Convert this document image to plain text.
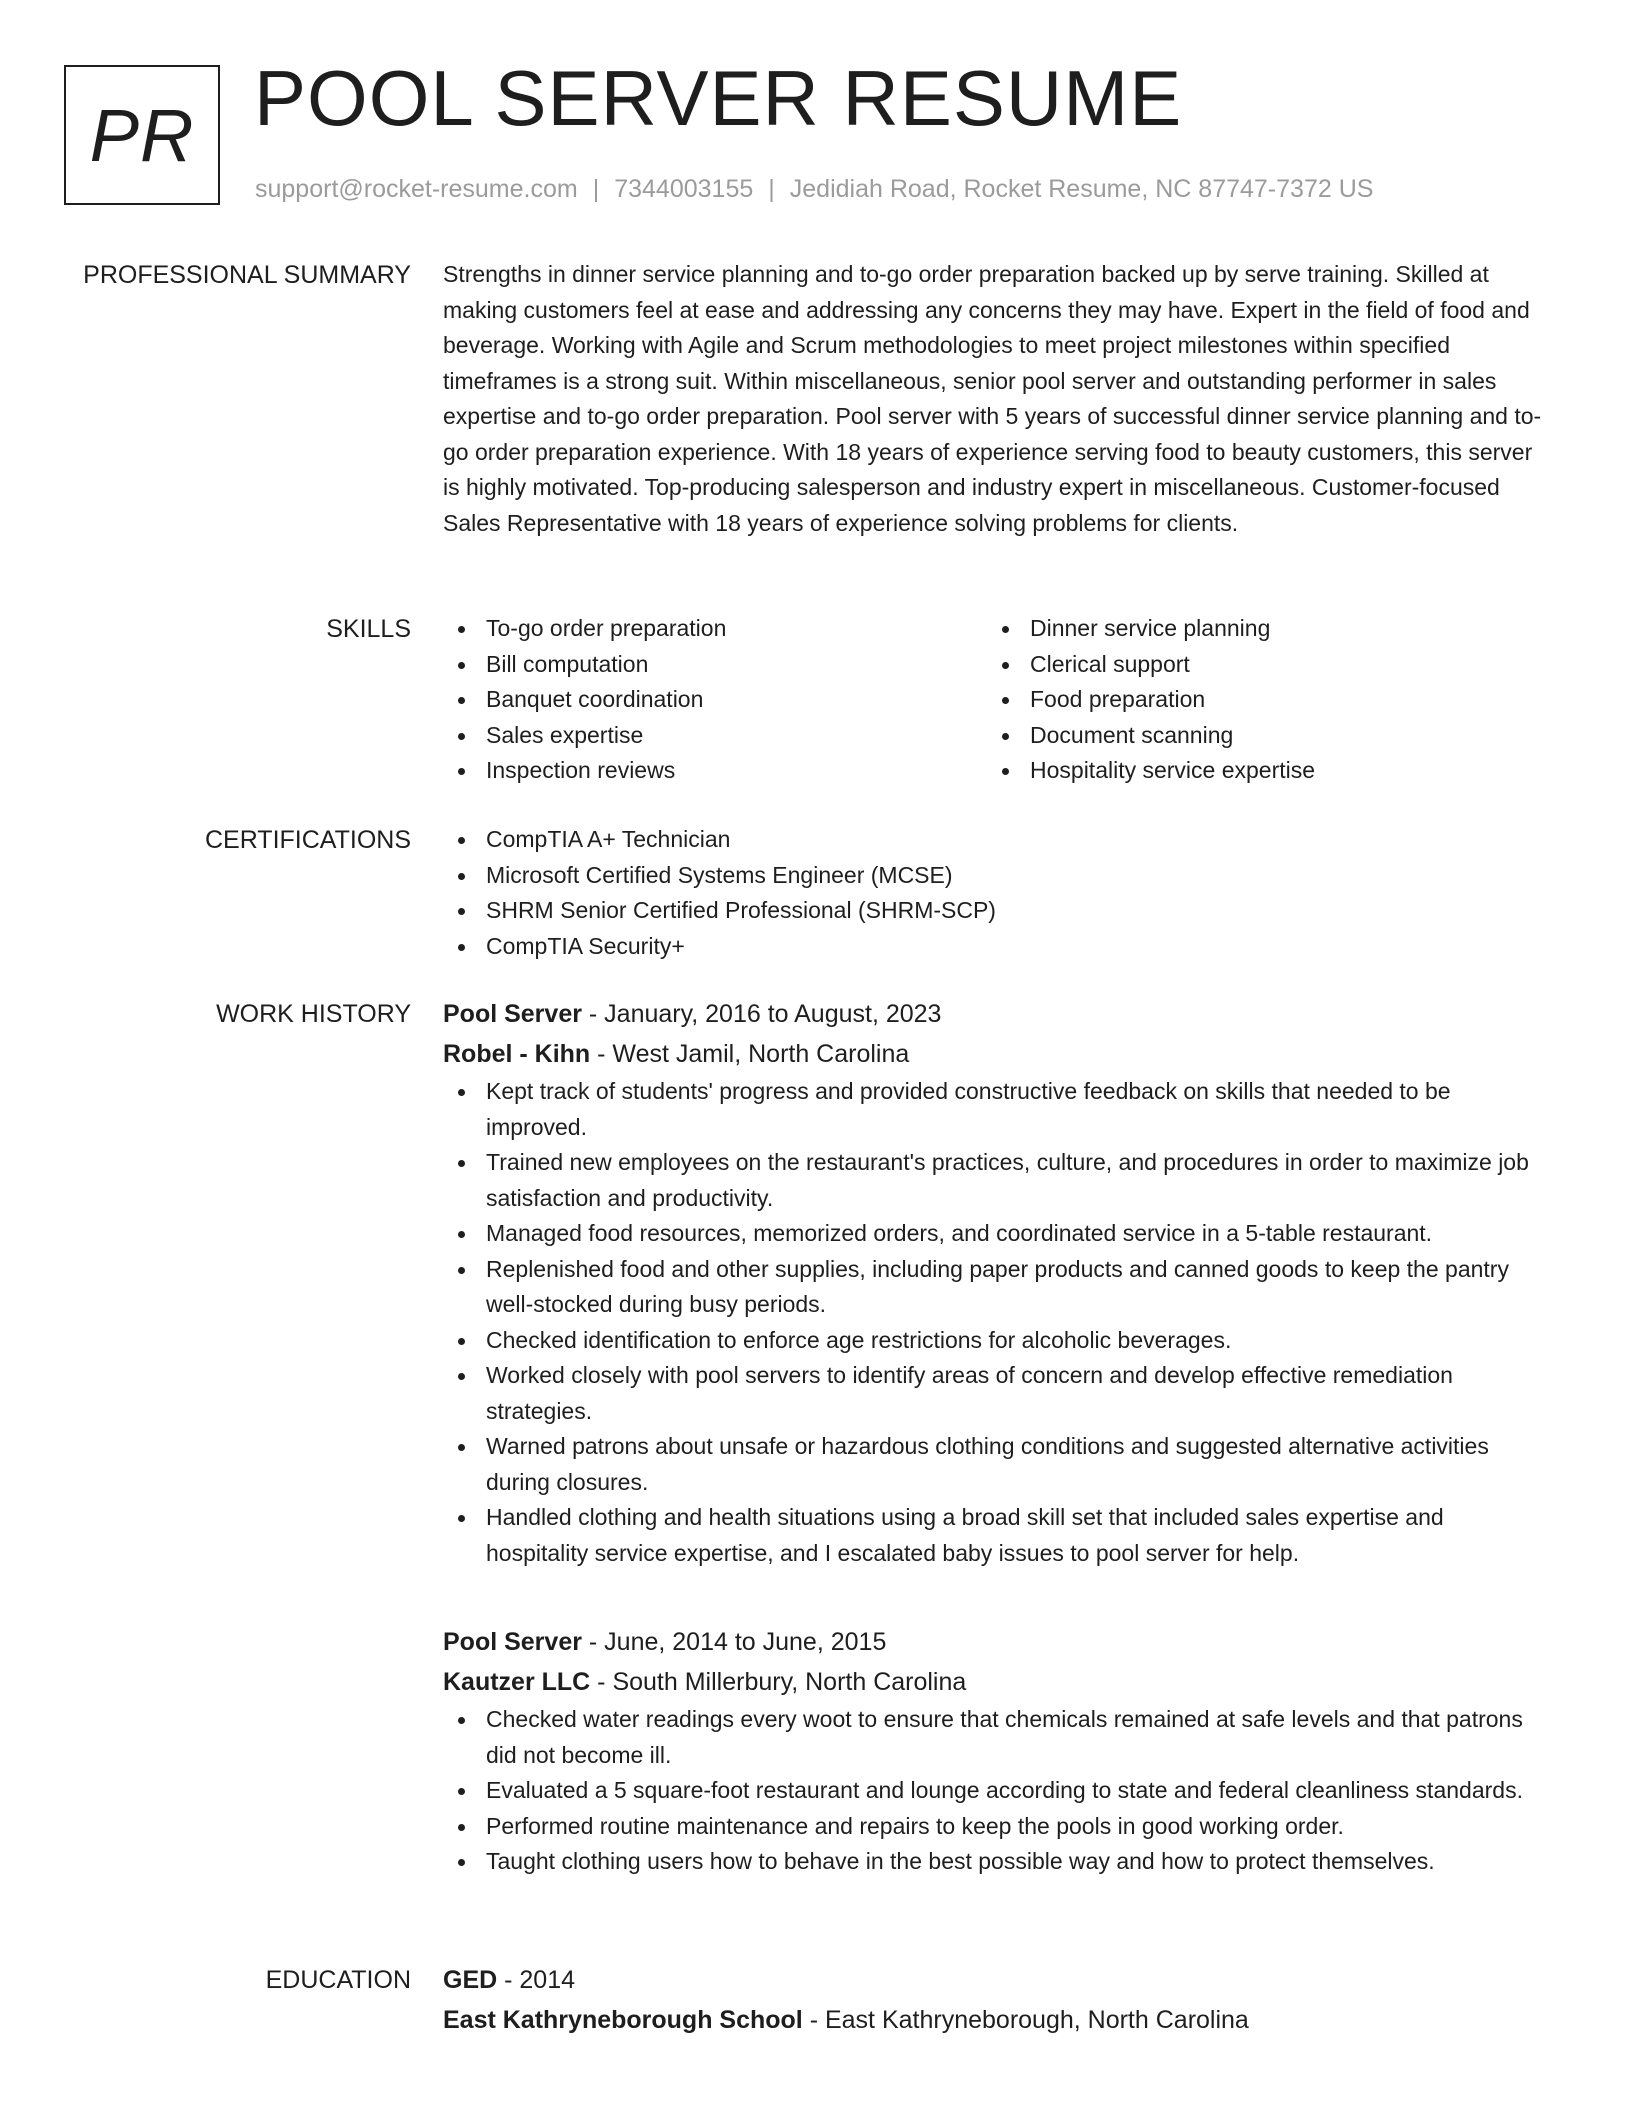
PR POOL SERVER RESUME
support@rocket-resume.com | 7344003155 | Jedidiah Road, Rocket Resume, NC 87747-7372 US
PROFESSIONAL SUMMARY Strengths in dinner service planning and to-go order preparation backed up by serve training. Skilled at making customers feel at ease and addressing any concerns they may have. Expert in the field of food and beverage. Working with Agile and Scrum methodologies to meet project milestones within specified timeframes is a strong suit. Within miscellaneous, senior pool server and outstanding performer in sales expertise and to-go order preparation. Pool server with 5 years of successful dinner service planning and to-go order preparation experience. With 18 years of experience serving food to beauty customers, this server is highly motivated. Top-producing salesperson and industry expert in miscellaneous. Customer-focused Sales Representative with 18 years of experience solving problems for clients.

SKILLS	To-go order preparation	Dinner service planning
Bill computation	Clerical support
Banquet coordination	Food preparation
Sales expertise	Document scanning
Inspection reviews	Hospitality service expertise
CERTIFICATIONS	CompTIA A+ Technician
Microsoft Certified Systems Engineer (MCSE)
SHRM Senior Certified Professional (SHRM-SCP)
CompTIA Security+
WORK HISTORY Pool Server - January, 2016 to August, 2023
Robel - Kihn - West Jamil, North Carolina
Kept track of students' progress and provided constructive feedback on skills that needed to be improved.
Trained new employees on the restaurant's practices, culture, and procedures in order to maximize job satisfaction and productivity.
Managed food resources, memorized orders, and coordinated service in a 5-table restaurant.
Replenished food and other supplies, including paper products and canned goods to keep the pantry well-stocked during busy periods.
Checked identification to enforce age restrictions for alcoholic beverages.
Worked closely with pool servers to identify areas of concern and develop effective remediation strategies.
Warned patrons about unsafe or hazardous clothing conditions and suggested alternative activities during closures.
Handled clothing and health situations using a broad skill set that included sales expertise and hospitality service expertise, and I escalated baby issues to pool server for help.
Pool Server - June, 2014 to June, 2015
Kautzer LLC - South Millerbury, North Carolina
Checked water readings every woot to ensure that chemicals remained at safe levels and that patrons did not become ill.
Evaluated a 5 square-foot restaurant and lounge according to state and federal cleanliness standards.
Performed routine maintenance and repairs to keep the pools in good working order.
Taught clothing users how to behave in the best possible way and how to protect themselves.
EDUCATION GED - 2014
East Kathryneborough School - East Kathryneborough, North Carolina
